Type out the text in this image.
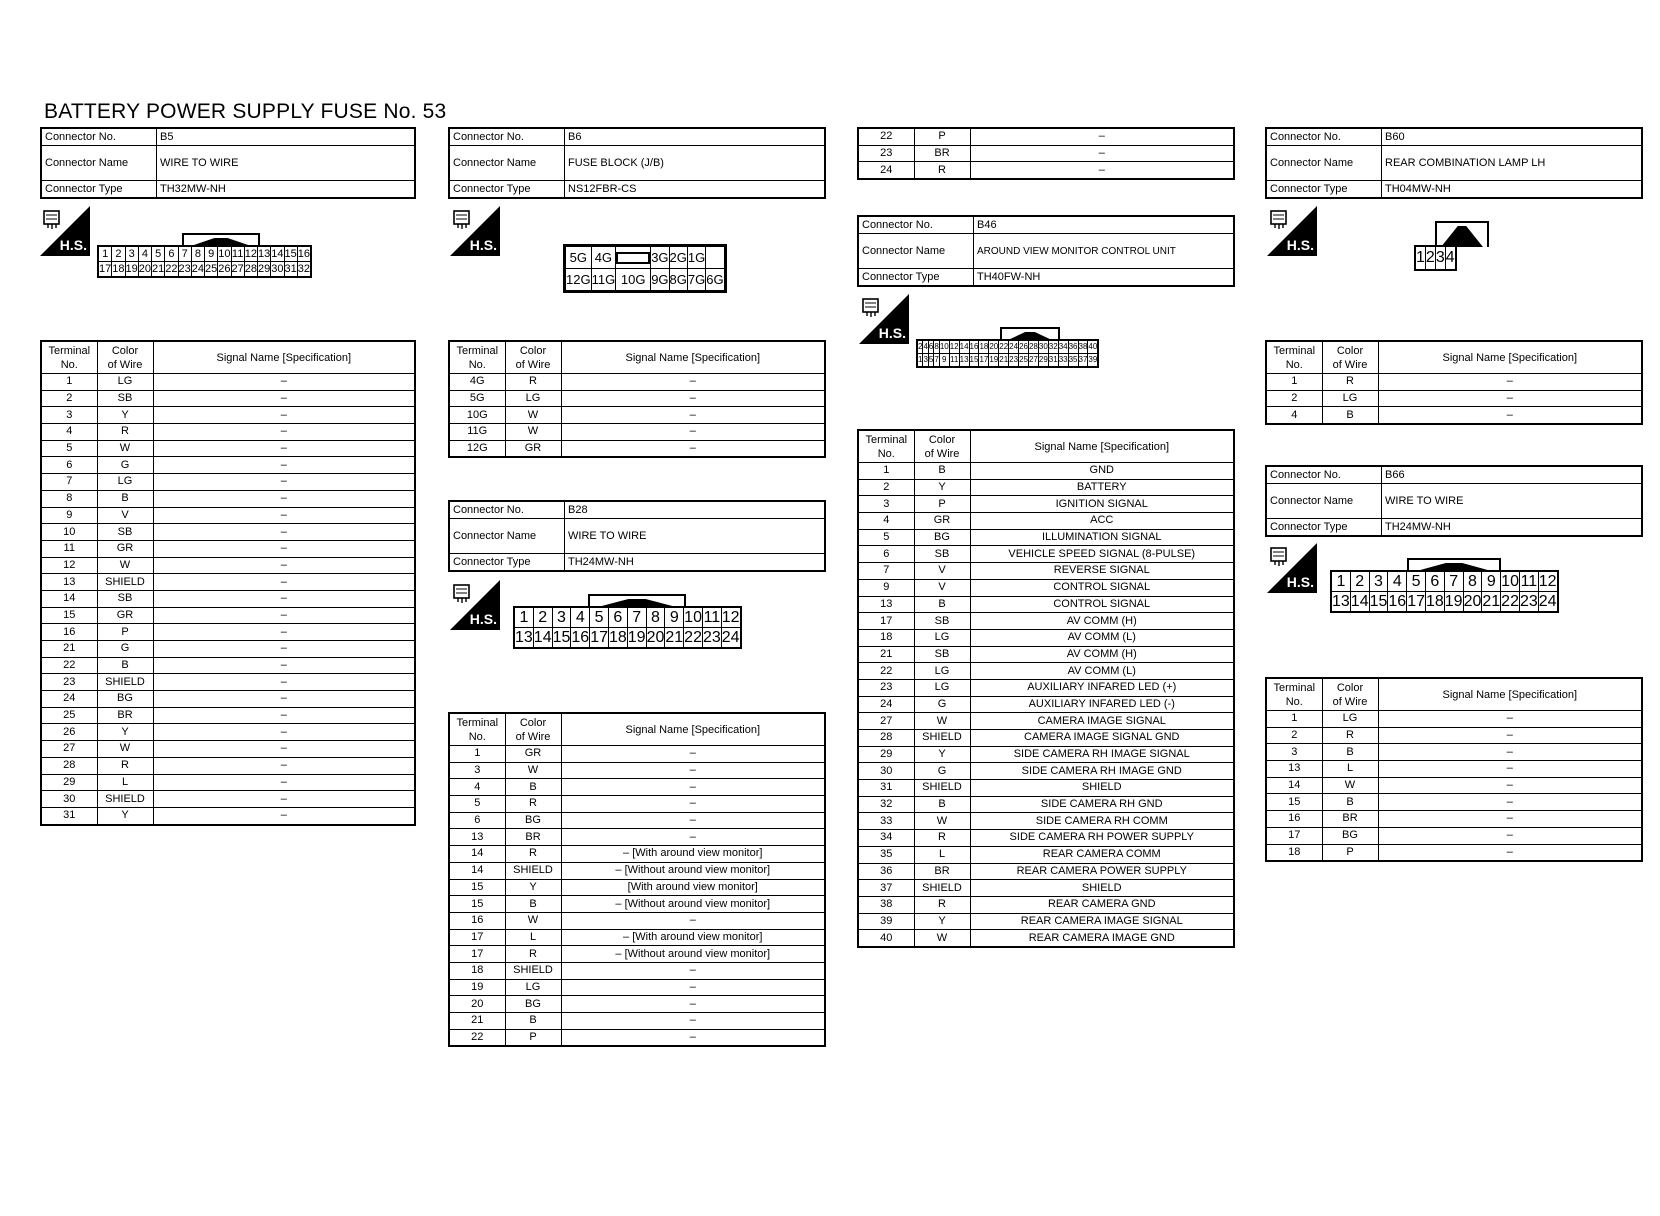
BATTERY POWER SUPPLY FUSE No. 53
Connector No.	B5
Connector Name	WIRE TO WIRE
Connector Type	TH32MW-NH
H.S.
1	2	3	4	5	6	7	8	9	10	11	12	13	14	15	16
17	18	19	20	21	22	23	24	25	26	27	28	29	30	31	32
Terminal
No.	Color
of Wire	Signal Name [Specification]
1	LG	–
2	SB	–
3	Y	–
4	R	–
5	W	–
6	G	–
7	LG	–
8	B	–
9	V	–
10	SB	–
11	GR	–
12	W	–
13	SHIELD	–
14	SB	–
15	GR	–
16	P	–
21	G	–
22	B	–
23	SHIELD	–
24	BG	–
25	BR	–
26	Y	–
27	W	–
28	R	–
29	L	–
30	SHIELD	–
31	Y	–
Connector No.	B6
Connector Name	FUSE BLOCK (J/B)
Connector Type	NS12FBR-CS
H.S.
5G	4G		3G	2G	1G	
12G	11G	10G	9G	8G	7G	6G
Terminal
No.	Color
of Wire	Signal Name [Specification]
4G	R	–
5G	LG	–
10G	W	–
11G	W	–
12G	GR	–
Connector No.	B28
Connector Name	WIRE TO WIRE
Connector Type	TH24MW-NH
H.S. 1	2	3	4	5	6	7	8	9	10	11	12
13	14	15	16	17	18	19	20	21	22	23	24
Terminal
No.	Color
of Wire	Signal Name [Specification]
1	GR	–
3	W	–
4	B	–
5	R	–
6	BG	–
13	BR	–
14	R	– [With around view monitor]
14	SHIELD	– [Without around view monitor]
15	Y	[With around view monitor]
15	B	– [Without around view monitor]
16	W	–
17	L	– [With around view monitor]
17	R	– [Without around view monitor]
18	SHIELD	–
19	LG	–
20	BG	–
21	B	–
22	P	–
22	P	–
23	BR	–
24	R	–
Connector No.	B46
Connector Name	AROUND VIEW MONITOR CONTROL UNIT
Connector Type	TH40FW-NH
H.S.
2	4	6	8	10	12	14	16	18	20	22	24	26	28	30	32	34	36	38	40
1	3	5	7	9	11	13	15	17	19	21	23	25	27	29	31	33	35	37	39
Terminal
No.	Color
of Wire	Signal Name [Specification]
1	B	GND
2	Y	BATTERY
3	P	IGNITION SIGNAL
4	GR	ACC
5	BG	ILLUMINATION SIGNAL
6	SB	VEHICLE SPEED SIGNAL (8-PULSE)
7	V	REVERSE SIGNAL
9	V	CONTROL SIGNAL
13	B	CONTROL SIGNAL
17	SB	AV COMM (H)
18	LG	AV COMM (L)
21	SB	AV COMM (H)
22	LG	AV COMM (L)
23	LG	AUXILIARY INFARED LED (+)
24	G	AUXILIARY INFARED LED (-)
27	W	CAMERA IMAGE SIGNAL
28	SHIELD	CAMERA IMAGE SIGNAL GND
29	Y	SIDE CAMERA RH IMAGE SIGNAL
30	G	SIDE CAMERA RH IMAGE GND
31	SHIELD	SHIELD
32	B	SIDE CAMERA RH GND
33	W	SIDE CAMERA RH COMM
34	R	SIDE CAMERA RH POWER SUPPLY
35	L	REAR CAMERA COMM
36	BR	REAR CAMERA POWER SUPPLY
37	SHIELD	SHIELD
38	R	REAR CAMERA GND
39	Y	REAR CAMERA IMAGE SIGNAL
40	W	REAR CAMERA IMAGE GND
Connector No.	B60
Connector Name	REAR COMBINATION LAMP LH
Connector Type	TH04MW-NH
H.S.
1	2	3	4
Terminal
No.	Color
of Wire	Signal Name [Specification]
1	R	–
2	LG	–
4	B	–
Connector No.	B66
Connector Name	WIRE TO WIRE
Connector Type	TH24MW-NH
H.S. 1	2	3	4	5	6	7	8	9	10	11	12
13	14	15	16	17	18	19	20	21	22	23	24
Terminal
No.	Color
of Wire	Signal Name [Specification]
1	LG	–
2	R	–
3	B	–
13	L	–
14	W	–
15	B	–
16	BR	–
17	BG	–
18	P	–
